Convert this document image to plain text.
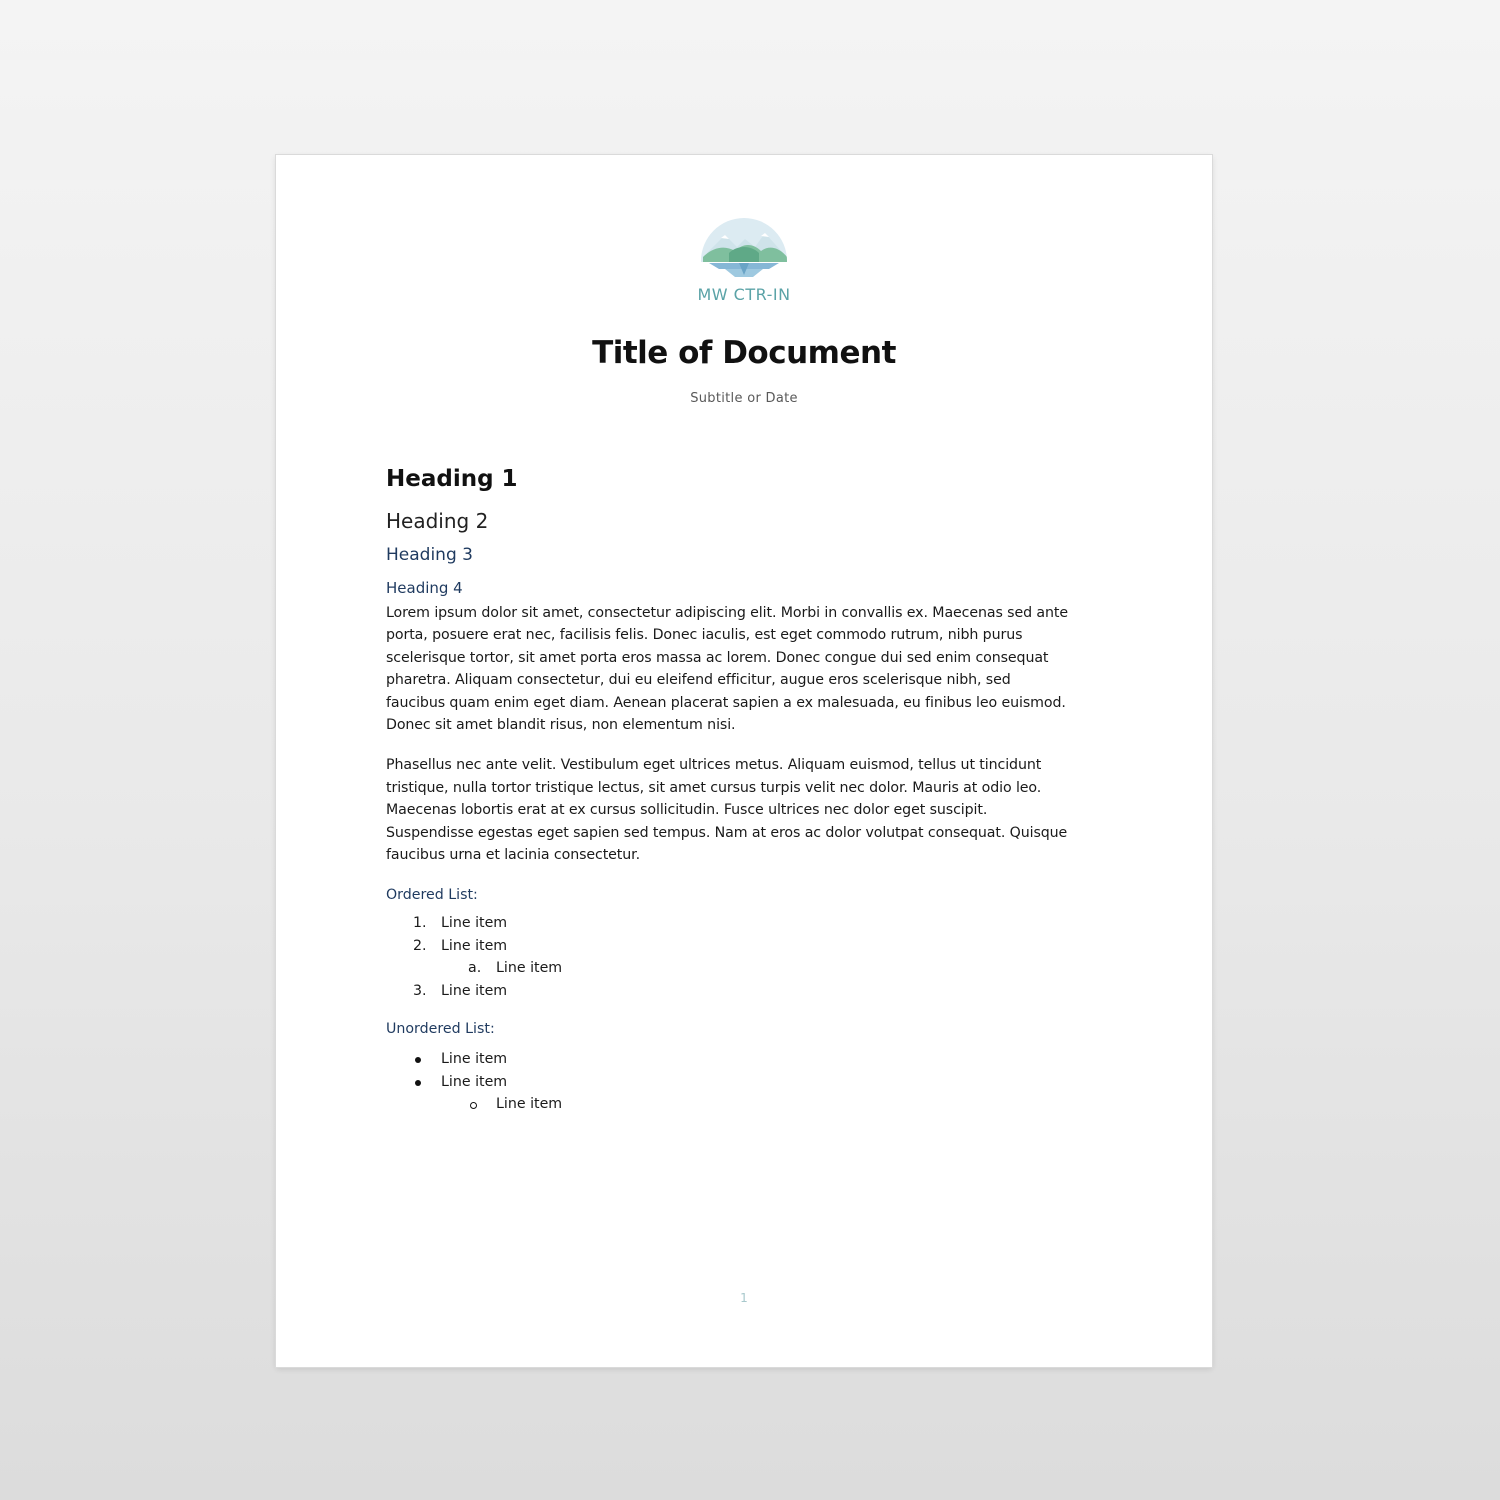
MW CTR-IN
Title of Document
Subtitle or Date
Heading 1
Heading 2
Heading 3
Heading 4

Lorem ipsum dolor sit amet, consectetur adipiscing elit. Morbi in convallis ex. Maecenas sed ante
porta, posuere erat nec, facilisis felis. Donec iaculis, est eget commodo rutrum, nibh purus
scelerisque tortor, sit amet porta eros massa ac lorem. Donec congue dui sed enim consequat
pharetra. Aliquam consectetur, dui eu eleifend efficitur, augue eros scelerisque nibh, sed
faucibus quam enim eget diam. Aenean placerat sapien a ex malesuada, eu finibus leo euismod.
Donec sit amet blandit risus, non elementum nisi.

Phasellus nec ante velit. Vestibulum eget ultrices metus. Aliquam euismod, tellus ut tincidunt
tristique, nulla tortor tristique lectus, sit amet cursus turpis velit nec dolor. Mauris at odio leo.
Maecenas lobortis erat at ex cursus sollicitudin. Fusce ultrices nec dolor eget suscipit.
Suspendisse egestas eget sapien sed tempus. Nam at eros ac dolor volutpat consequat. Quisque
faucibus urna et lacinia consectetur.

Ordered List:
1.	Line item
2.	Line item
a.	Line item
3.	Line item
Unordered List:
Line item
Line item
Line item
1
